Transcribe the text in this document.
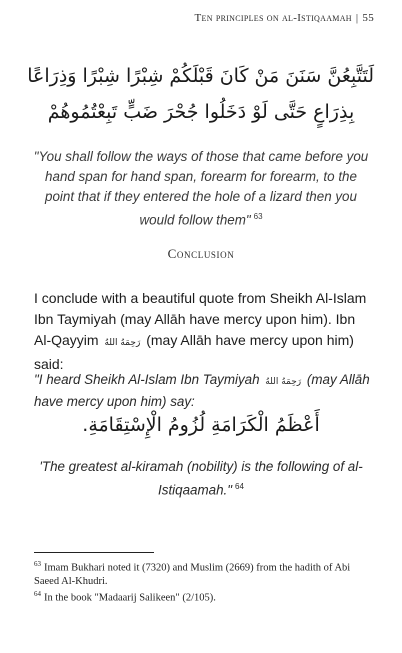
Ten principles on al-Istiqaamah | 55
لَتَتَّبِعُنَّ سَنَنَ مَنْ كَانَ قَبْلَكُمْ شِبْرًا شِبْرًا وَذِرَاعًا
بِذِرَاعٍ حَتَّى لَوْ دَخَلُوا جُحْرَ ضَبٍّ تَبِعْتُمُوهُمْ
"You shall follow the ways of those that came before you hand span for hand span, forearm for forearm, to the point that if they entered the hole of a lizard then you would follow them" $^{63}$
Conclusion
I conclude with a beautiful quote from Sheikh Al-Islam Ibn Taymiyah (may Allāh have mercy upon him). Ibn Al-Qayyim رَحِمَهُ اللهُ (may Allāh have mercy upon him) said:
"I heard Sheikh Al-Islam Ibn Taymiyah رَحِمَهُ اللهُ (may Allāh have mercy upon him) say:
أَعْظَمُ الْكَرَامَةِ لُزُومُ الْإِسْتِقَامَةِ.
'The greatest al-kiramah (nobility) is the following of al-Istiqaamah." $^{64}$

$^{63}$ Imam Bukhari noted it (7320) and Muslim (2669) from the hadith of Abi Saeed Al-Khudri.

$^{64}$ In the book "Madaarij Salikeen" (2/105).
